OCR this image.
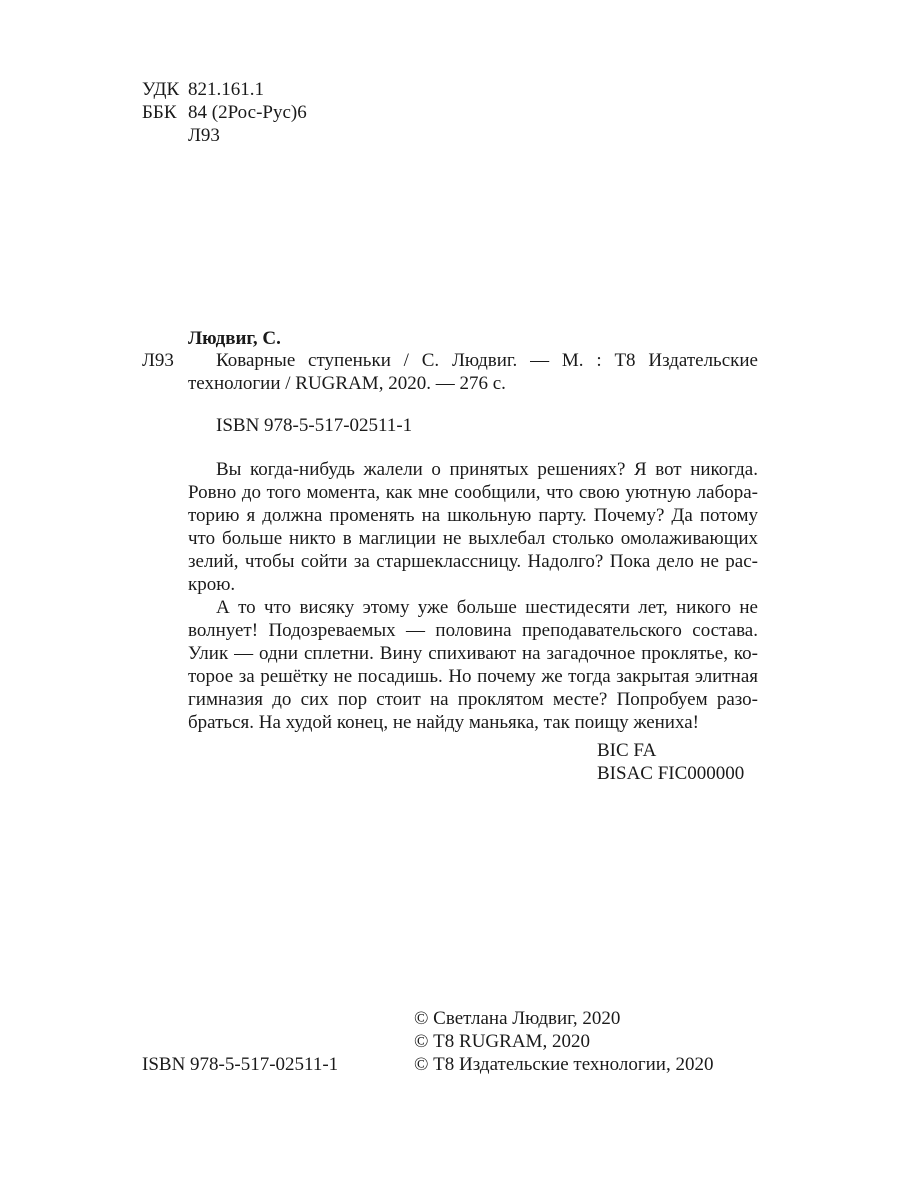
УДК 821.161.1
ББК 84 (2Рос-Рус)6
Л93
Людвиг, С.
Л93 Коварные ступеньки / С. Людвиг. — М. : Т8 Издательские
технологии / RUGRAM, 2020. — 276 с.
ISBN 978-5-517-02511-1
Вы когда-нибудь жалели о принятых решениях? Я вот никогда.
Ровно до того момента, как мне сообщили, что свою уютную лабора-
торию я должна променять на школьную парту. Почему? Да потому
что больше никто в маглиции не выхлебал столько омолаживающих
зелий, чтобы сойти за старшеклассницу. Надолго? Пока дело не рас-
крою.
А то что висяку этому уже больше шестидесяти лет, никого не
волнует! Подозреваемых — половина преподавательского состава.
Улик — одни сплетни. Вину спихивают на загадочное проклятье, ко-
торое за решётку не посадишь. Но почему же тогда закрытая элитная
гимназия до сих пор стоит на проклятом месте? Попробуем разо-
браться. На худой конец, не найду маньяка, так поищу жениха!
BIC FA
BISAC FIC000000
© Светлана Людвиг, 2020
© Т8 RUGRAM, 2020
© Т8 Издательские технологии, 2020
ISBN 978-5-517-02511-1
